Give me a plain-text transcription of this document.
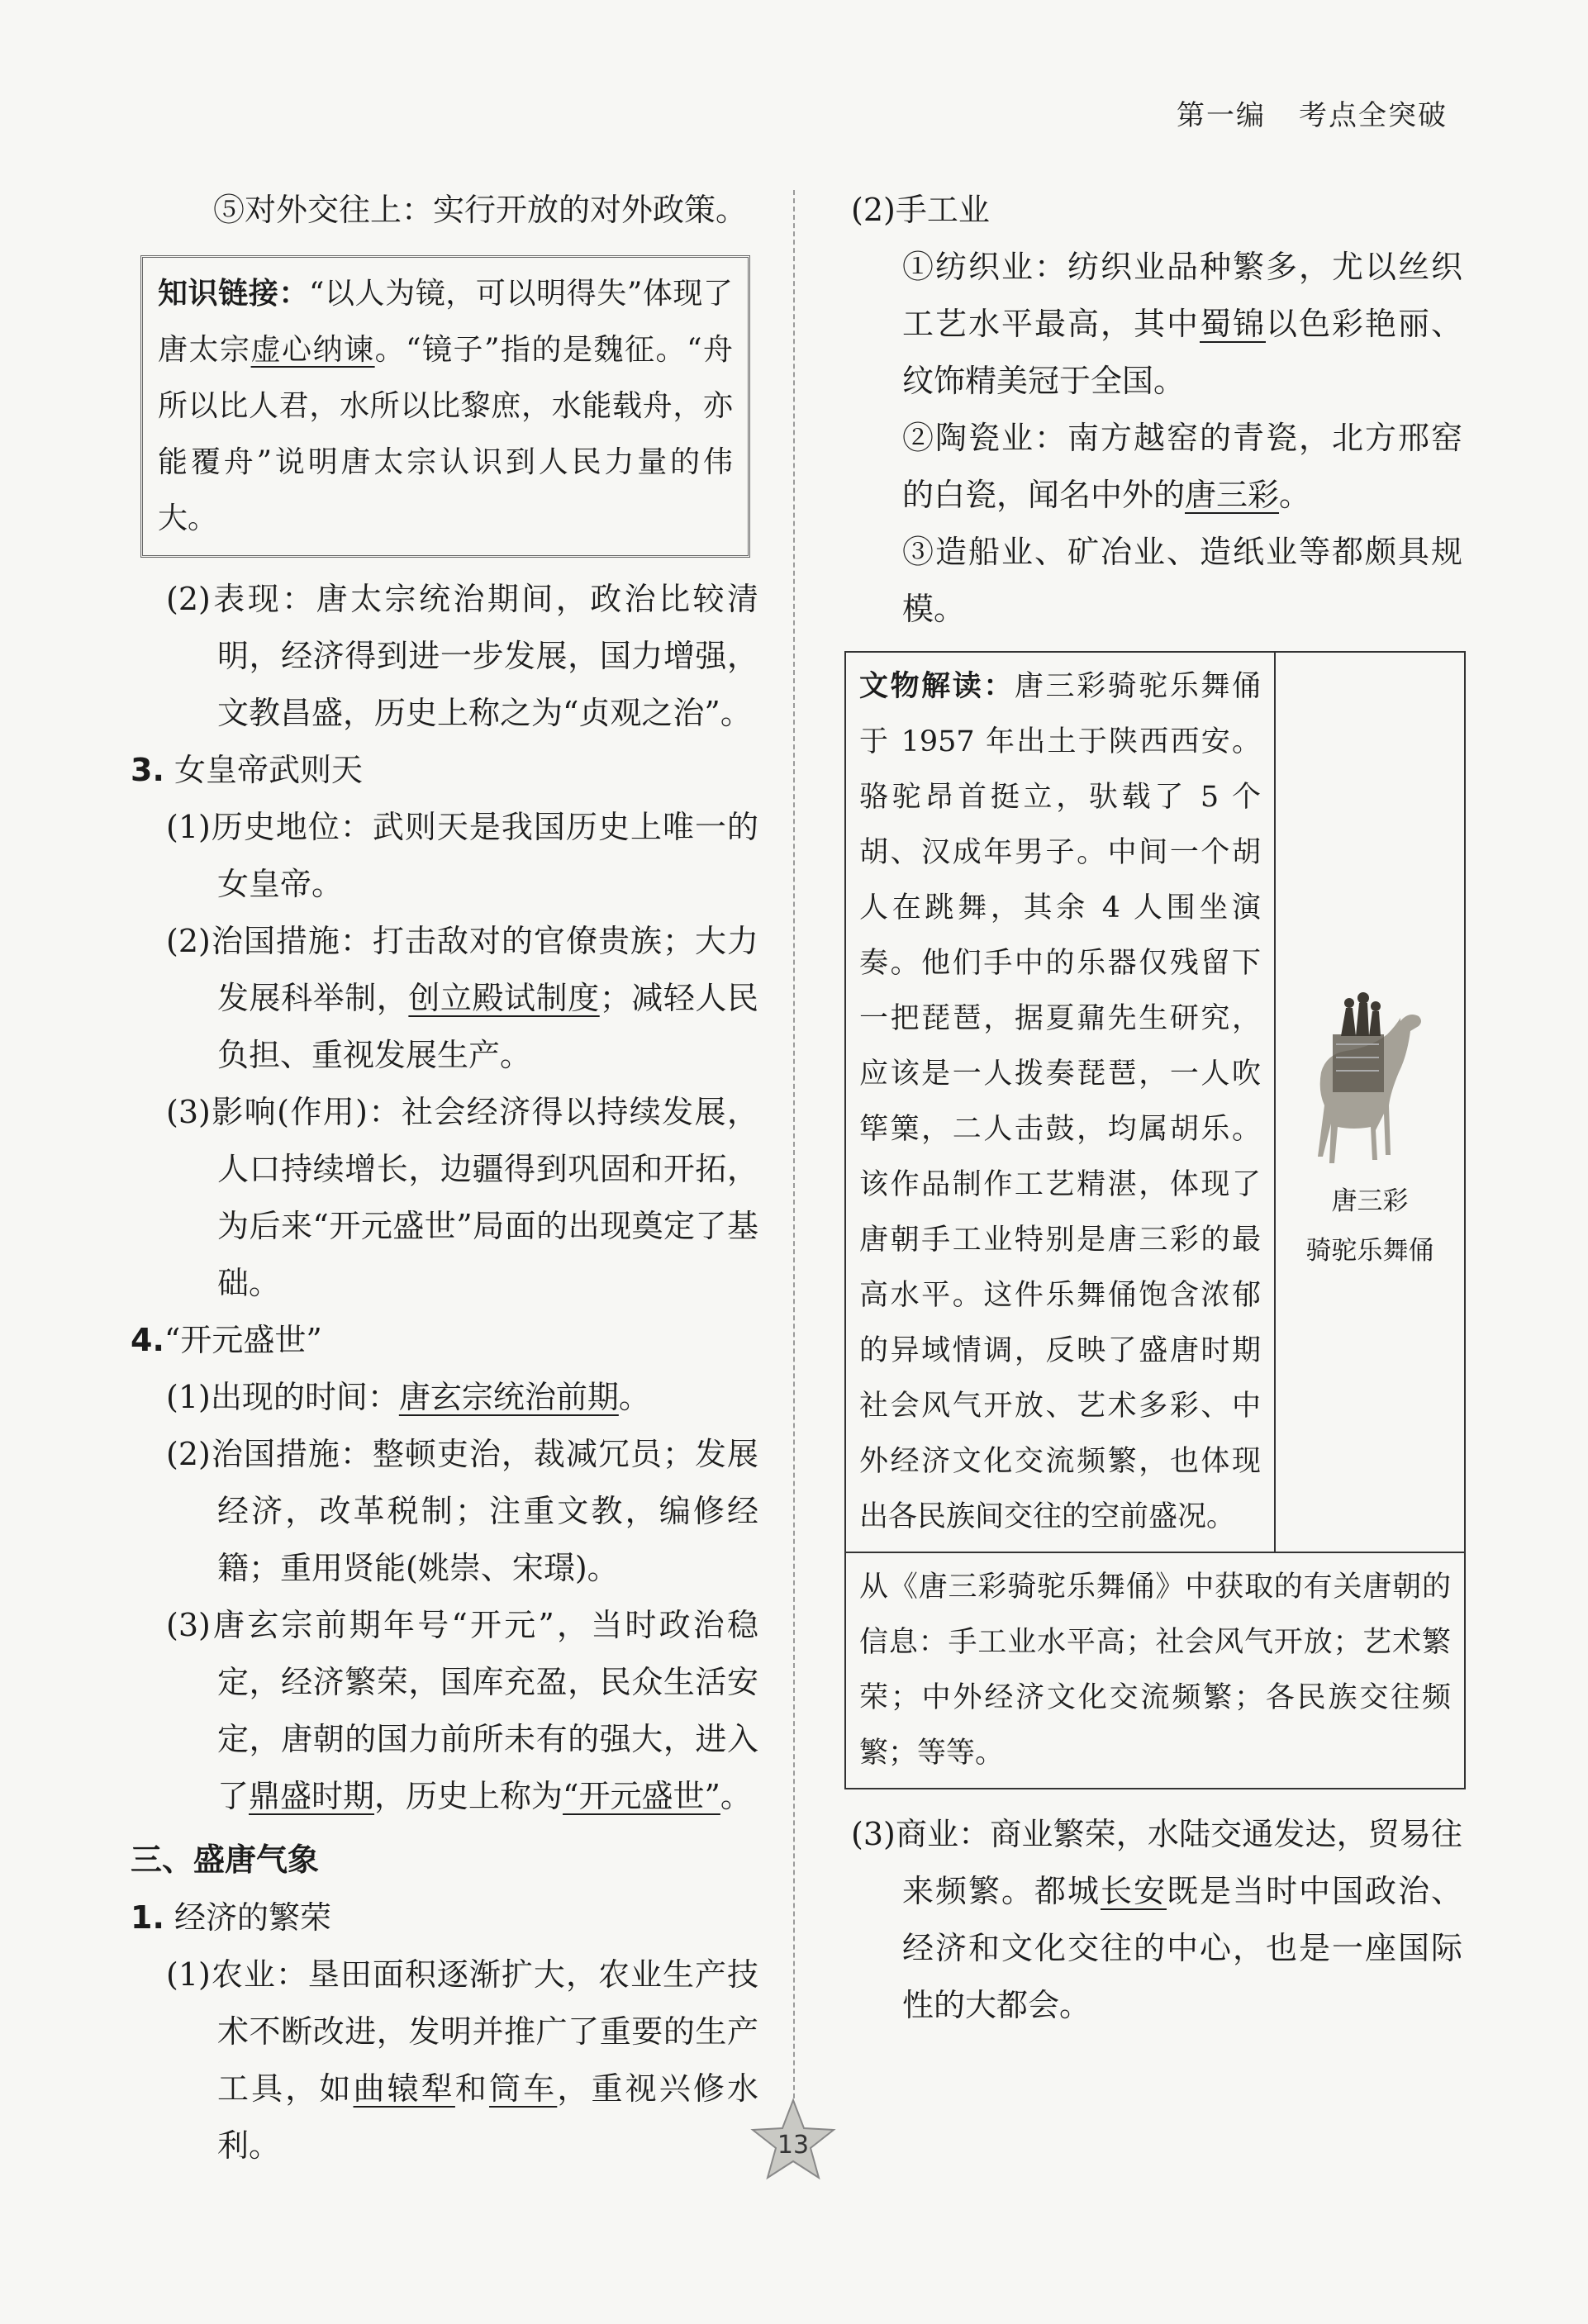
第一编 考点全突破
⑤对外交往上：实行开放的对外政策。
知识链接：“以人为镜，可以明得失”体现了唐太宗虚心纳谏。“镜子”指的是魏征。“舟所以比人君，水所以比黎庶，水能载舟，亦能覆舟”说明唐太宗认识到人民力量的伟大。
(2)表现：唐太宗统治期间，政治比较清明，经济得到进一步发展，国力增强，文教昌盛，历史上称之为“贞观之治”。
3. 女皇帝武则天
(1)历史地位：武则天是我国历史上唯一的女皇帝。
(2)治国措施：打击敌对的官僚贵族；大力发展科举制，创立殿试制度；减轻人民负担、重视发展生产。
(3)影响(作用)：社会经济得以持续发展，人口持续增长，边疆得到巩固和开拓，为后来“开元盛世”局面的出现奠定了基础。
4.“开元盛世”
(1)出现的时间：唐玄宗统治前期。
(2)治国措施：整顿吏治，裁减冗员；发展经济，改革税制；注重文教，编修经籍；重用贤能(姚崇、宋璟)。
(3)唐玄宗前期年号“开元”，当时政治稳定，经济繁荣，国库充盈，民众生活安定，唐朝的国力前所未有的强大，进入了鼎盛时期，历史上称为“开元盛世”。
三、盛唐气象
1. 经济的繁荣
(1)农业：垦田面积逐渐扩大，农业生产技术不断改进，发明并推广了重要的生产工具，如曲辕犁和筒车，重视兴修水利。
(2)手工业
①纺织业：纺织业品种繁多，尤以丝织工艺水平最高，其中蜀锦以色彩艳丽、纹饰精美冠于全国。
②陶瓷业：南方越窑的青瓷，北方邢窑的白瓷，闻名中外的唐三彩。
③造船业、矿冶业、造纸业等都颇具规模。
文物解读：唐三彩骑驼乐舞俑于 1957 年出土于陕西西安。骆驼昂首挺立，驮载了 5 个胡、汉成年男子。中间一个胡人在跳舞，其余 4 人围坐演奏。他们手中的乐器仅残留下一把琵琶，据夏鼐先生研究，应该是一人拨奏琵琶，一人吹筚篥，二人击鼓，均属胡乐。该作品制作工艺精湛，体现了唐朝手工业特别是唐三彩的最高水平。这件乐舞俑饱含浓郁的异域情调，反映了盛唐时期社会风气开放、艺术多彩、中外经济文化交流频繁，也体现出各民族间交往的空前盛况。
唐三彩
骑驼乐舞俑
从《唐三彩骑驼乐舞俑》中获取的有关唐朝的信息：手工业水平高；社会风气开放；艺术繁荣；中外经济文化交流频繁；各民族交往频繁；等等。
(3)商业：商业繁荣，水陆交通发达，贸易往来频繁。都城长安既是当时中国政治、经济和文化交往的中心，也是一座国际性的大都会。
13
